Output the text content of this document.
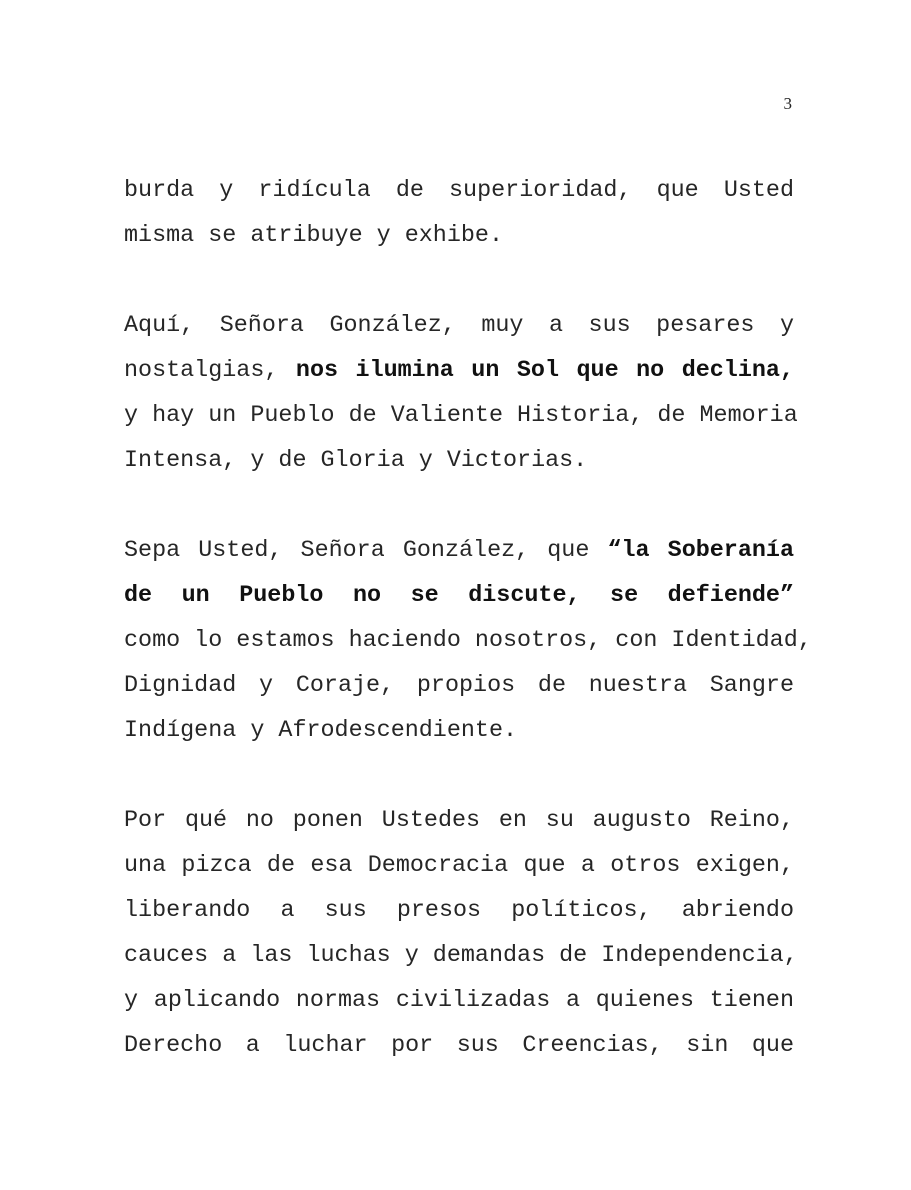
3
burda y ridícula de superioridad, que Usted
misma se atribuye y exhibe.
Aquí, Señora González, muy a sus pesares y
nostalgias, nos ilumina un Sol que no declina,
y hay un Pueblo de Valiente Historia, de Memoria
Intensa, y de Gloria y Victorias.
Sepa Usted, Señora González, que “la Soberanía
de un Pueblo no se discute, se defiende”
como lo estamos haciendo nosotros, con Identidad,
Dignidad y Coraje, propios de nuestra Sangre
Indígena y Afrodescendiente.
Por qué no ponen Ustedes en su augusto Reino,
una pizca de esa Democracia que a otros exigen,
liberando a sus presos políticos, abriendo
cauces a las luchas y demandas de Independencia,
y aplicando normas civilizadas a quienes tienen
Derecho a luchar por sus Creencias, sin que
